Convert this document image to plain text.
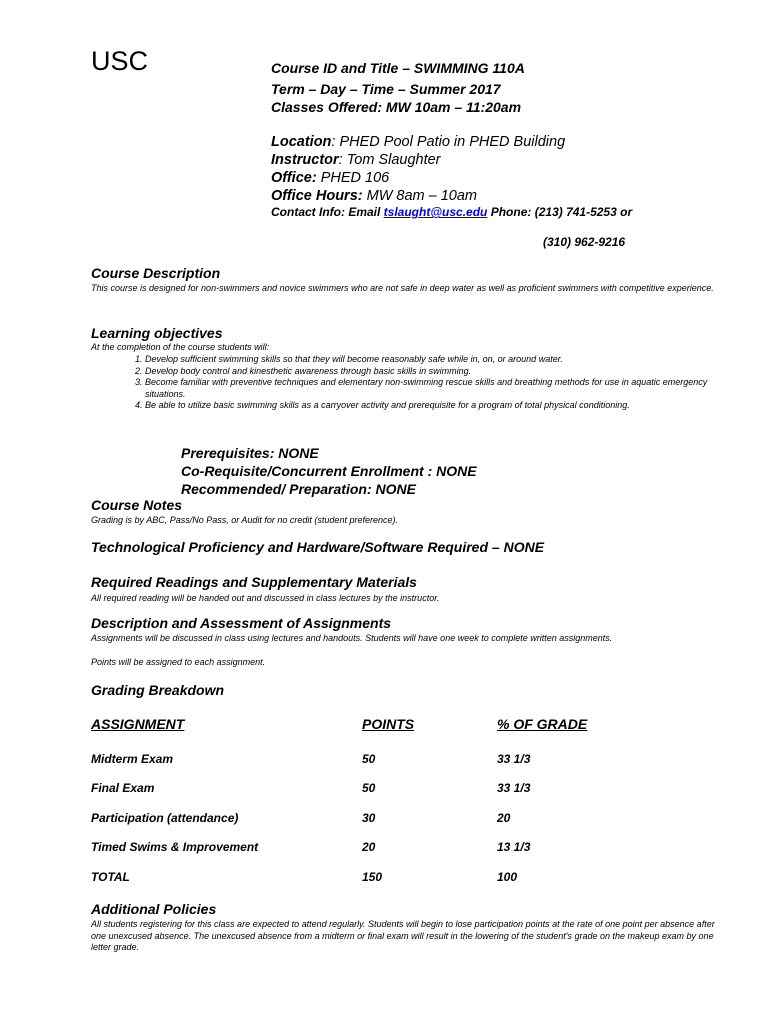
USC	Course ID and Title – SWIMMING 110A
Term – Day – Time – Summer 2017
Classes Offered: MW 10am – 11:20am
Location: PHED Pool Patio in PHED Building
Instructor: Tom Slaughter
Office: PHED 106
Office Hours: MW 8am – 10am
Contact Info: Email tslaught@usc.edu Phone: (213) 741-5253 or
(310) 962-9216
Course Description
This course is designed for non-swimmers and novice swimmers who are not safe in deep water as well as proficient swimmers with competitive experience.
Learning objectives
At the completion of the course students will:
1. Develop sufficient swimming skills so that they will become reasonably safe while in, on, or around water.
2. Develop body control and kinesthetic awareness through basic skills in swimming.
3. Become familiar with preventive techniques and elementary non-swimming rescue skills and breathing methods for use in aquatic emergency situations.
4. Be able to utilize basic swimming skills as a carryover activity and prerequisite for a program of total physical conditioning.
Prerequisites: NONE
Co-Requisite/Concurrent Enrollment : NONE
Recommended/ Preparation: NONE
Course Notes
Grading is by ABC, Pass/No Pass, or Audit for no credit (student preference).
Technological Proficiency and Hardware/Software Required – NONE
Required Readings and Supplementary Materials
All required reading will be handed out and discussed in class lectures by the instructor.
Description and Assessment of Assignments
Assignments will be discussed in class using lectures and handouts. Students will have one week to complete written assignments.
Points will be assigned to each assignment.
Grading Breakdown
ASSIGNMENT	POINTS	% OF GRADE
Midterm Exam	50	33 1/3
Final Exam	50	33 1/3
Participation (attendance)	30	20
Timed Swims & Improvement	20	13 1/3
TOTAL	150	100
Additional Policies
All students registering for this class are expected to attend regularly. Students will begin to lose participation points at the rate of one point per absence after one unexcused absence. The unexcused absence from a midterm or final exam will result in the lowering of the student's grade on the makeup exam by one letter grade.
